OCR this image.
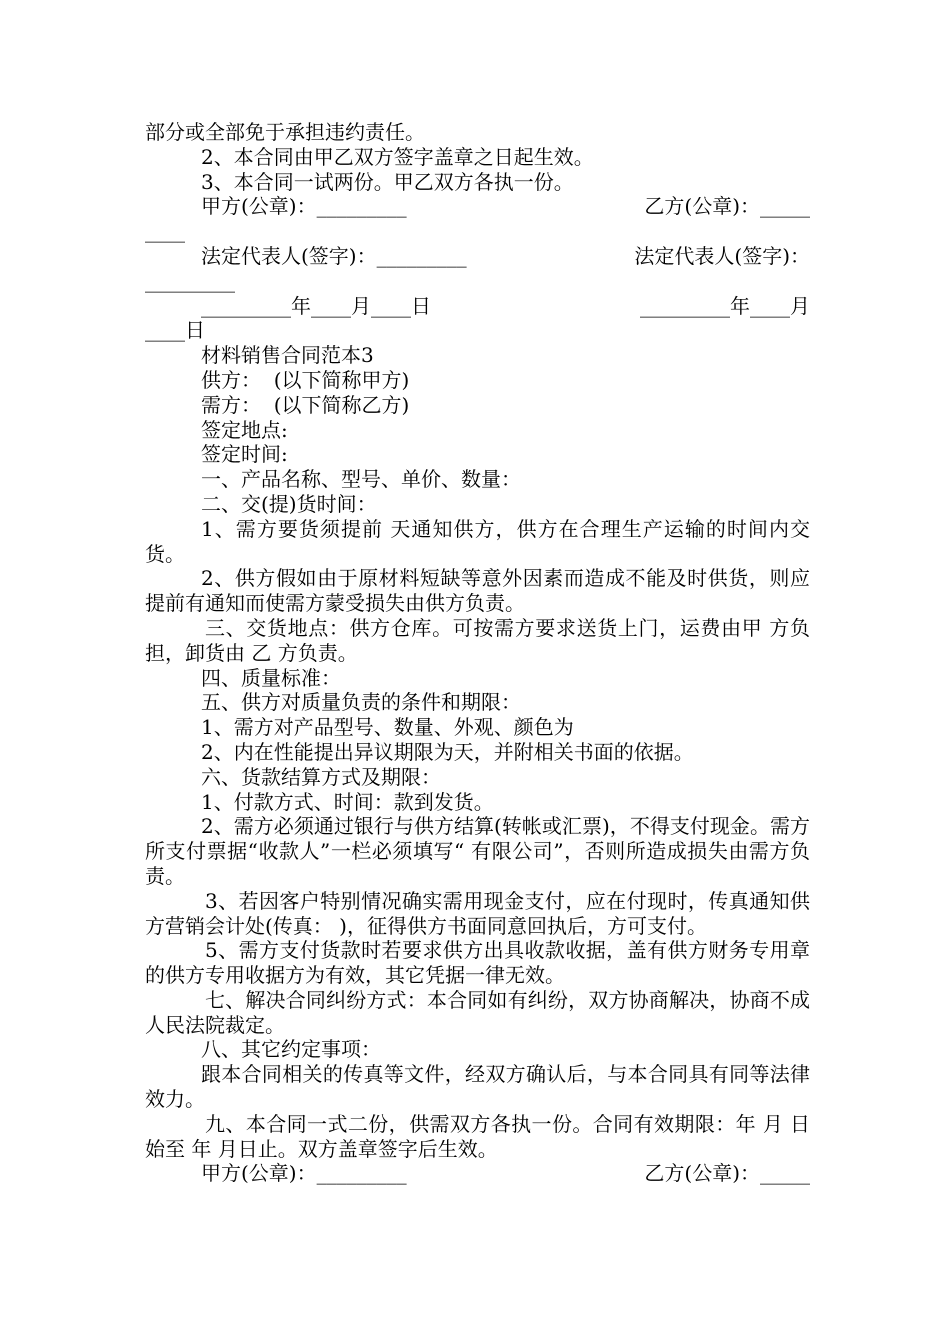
部分或全部免于承担违约责任。
2、本合同由甲乙双方签字盖章之日起生效。
3、本合同一试两份。甲乙双方各执一份。
甲方(公章)：_________	乙方(公章)：_____
____
法定代表人(签字)：_________	法定代表人(签字)：
_________
_________年____月____日	_________年____月
____日
材料销售合同范本3
供方：  (以下简称甲方)
需方：  (以下简称乙方)
签定地点:
签定时间:
一、产品名称、型号、单价、数量：
二、交(提)货时间：
1、需方要货须提前 天通知供方，供方在合理生产运输的时间内交货。
2、供方假如由于原材料短缺等意外因素而造成不能及时供货，则应提前有通知而使需方蒙受损失由供方负责。
三、交货地点：供方仓库。可按需方要求送货上门，运费由甲 方负担，卸货由 乙 方负责。
四、质量标准：
五、供方对质量负责的条件和期限：
1、需方对产品型号、数量、外观、颜色为
2、内在性能提出异议期限为天，并附相关书面的依据。
六、货款结算方式及期限：
1、付款方式、时间：款到发货。
2、需方必须通过银行与供方结算(转帐或汇票)，不得支付现金。需方所支付票据“收款人”一栏必须填写“ 有限公司”，否则所造成损失由需方负责。
3、若因客户特别情况确实需用现金支付，应在付现时，传真通知供方营销会计处(传真： )，征得供方书面同意回执后，方可支付。
5、需方支付货款时若要求供方出具收款收据，盖有供方财务专用章的供方专用收据方为有效，其它凭据一律无效。
七、解决合同纠纷方式：本合同如有纠纷，双方协商解决，协商不成 人民法院裁定。
八、其它约定事项：
跟本合同相关的传真等文件，经双方确认后，与本合同具有同等法律效力。
九、本合同一式二份，供需双方各执一份。合同有效期限：年 月 日始至 年 月日止。双方盖章签字后生效。
甲方(公章)：_________	乙方(公章)：_____
